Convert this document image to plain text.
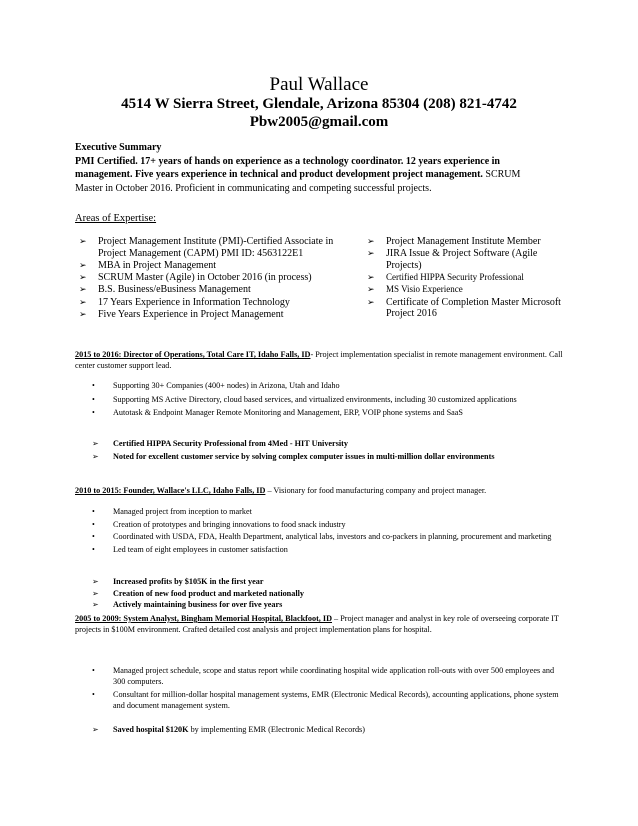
Paul Wallace
4514 W Sierra Street, Glendale, Arizona 85304 (208) 821-4742
Pbw2005@gmail.com
Executive Summary
PMI Certified. 17+ years of hands on experience as a technology coordinator. 12 years experience in management. Five years experience in technical and product development project management. SCRUM Master in October 2016. Proficient in communicating and competing successful projects.
Areas of Expertise:
➢ Project Management Institute (PMI)-Certified Associate in Project Management (CAPM) PMI ID: 4563122E1
➢ MBA in Project Management
➢ SCRUM Master (Agile) in October 2016 (in process)
➢ B.S. Business/eBusiness Management
➢ 17 Years Experience in Information Technology
➢ Five Years Experience in Project Management
➢ Project Management Institute Member
➢ JIRA Issue & Project Software (Agile Projects)
➢ Certified HIPPA Security Professional
➢ MS Visio Experience
➢ Certificate of Completion Master Microsoft Project 2016
2015 to 2016: Director of Operations, Total Care IT, Idaho Falls, ID- Project implementation specialist in remote management environment. Call center customer support lead.
• Supporting 30+ Companies (400+ nodes) in Arizona, Utah and Idaho
• Supporting MS Active Directory, cloud based services, and virtualized environments, including 30 customized applications
• Autotask & Endpoint Manager Remote Monitoring and Management, ERP, VOIP phone systems and SaaS
➢ Certified HIPPA Security Professional from 4Med - HIT University
➢ Noted for excellent customer service by solving complex computer issues in multi-million dollar environments
2010 to 2015: Founder, Wallace's LLC, Idaho Falls, ID – Visionary for food manufacturing company and project manager.
• Managed project from inception to market
• Creation of prototypes and bringing innovations to food snack industry
• Coordinated with USDA, FDA, Health Department, analytical labs, investors and co-packers in planning, procurement and marketing
• Led team of eight employees in customer satisfaction
➢ Increased profits by $105K in the first year
➢ Creation of new food product and marketed nationally
➢ Actively maintaining business for over five years
2005 to 2009: System Analyst, Bingham Memorial Hospital, Blackfoot, ID – Project manager and analyst in key role of overseeing corporate IT projects in $100M environment. Crafted detailed cost analysis and project implementation plans for hospital.
• Managed project schedule, scope and status report while coordinating hospital wide application roll-outs with over 500 employees and 300 computers.
• Consultant for million-dollar hospital management systems, EMR (Electronic Medical Records), accounting applications, phone system and document management system.
➢ Saved hospital $120K by implementing EMR (Electronic Medical Records)
